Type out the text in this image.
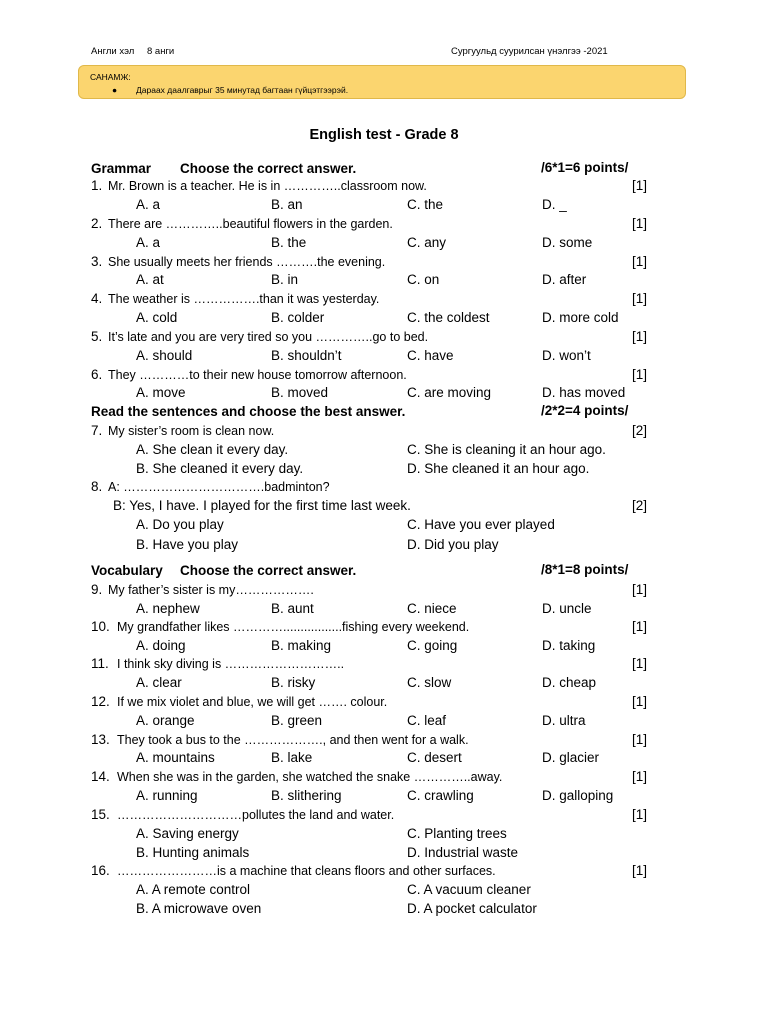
Англи хэл 8 анги	Сургуульд суурилсан үнэлгээ -2021
САНАМЖ:
● Дараах даалгаврыг 35 минутад багтаан гүйцэтгээрэй.
English test - Grade 8
Grammar Choose the correct answer.	/6*1=6 points/
Read the sentences and choose the best answer.	/2*2=4 points/
Vocabulary Choose the correct answer.	/8*1=8 points/
1. Mr. Brown is a teacher. He is in …………..classroom now.	[1]
A. a	B. an	C. the	D. _
2. There are …………..beautiful flowers in the garden.	[1]
A. a	B. the	C. any	D. some
3. She usually meets her friends ……….the evening.	[1]
A. at	B. in	C. on	D. after
4. The weather is …………….than it was yesterday.	[1]
A. cold	B. colder	C. the coldest	D. more cold
5. It’s late and you are very tired so you …………..go to bed.	[1]
A. should	B. shouldn’t	C. have	D. won’t
6. They …………to their new house tomorrow afternoon.	[1]
A. move	B. moved	C. are moving	D. has moved
7. My sister’s room is clean now.	[2]
A. She clean it every day.	C. She is cleaning it an hour ago.
B. She cleaned it every day.	D. She cleaned it an hour ago.
8. A: …………………………….badminton?
B: Yes, I have. I played for the first time last week.	[2]
A. Do you play	C. Have you ever played
B. Have you play	D. Did you play
9. My father’s sister is my……………….	[1]
A. nephew	B. aunt	C. niece	D. uncle
10. My grandfather likes ………….................fishing every weekend.	[1]
A. doing	B. making	C. going	D. taking
11. I think sky diving is ………………………..	[1]
A. clear	B. risky	C. slow	D. cheap
12. If we mix violet and blue, we will get ……. colour.	[1]
A. orange	B. green	C. leaf	D. ultra
13. They took a bus to the ………………., and then went for a walk.	[1]
A. mountains	B. lake	C. desert	D. glacier
14. When she was in the garden, she watched the snake …………..away.	[1]
A. running	B. slithering	C. crawling	D. galloping
15. …………………………pollutes the land and water.	[1]
A. Saving energy	C. Planting trees
B. Hunting animals	D. Industrial waste
16. ……………………is a machine that cleans floors and other surfaces.	[1]
A. A remote control	C. A vacuum cleaner
B. A microwave oven	D. A pocket calculator
